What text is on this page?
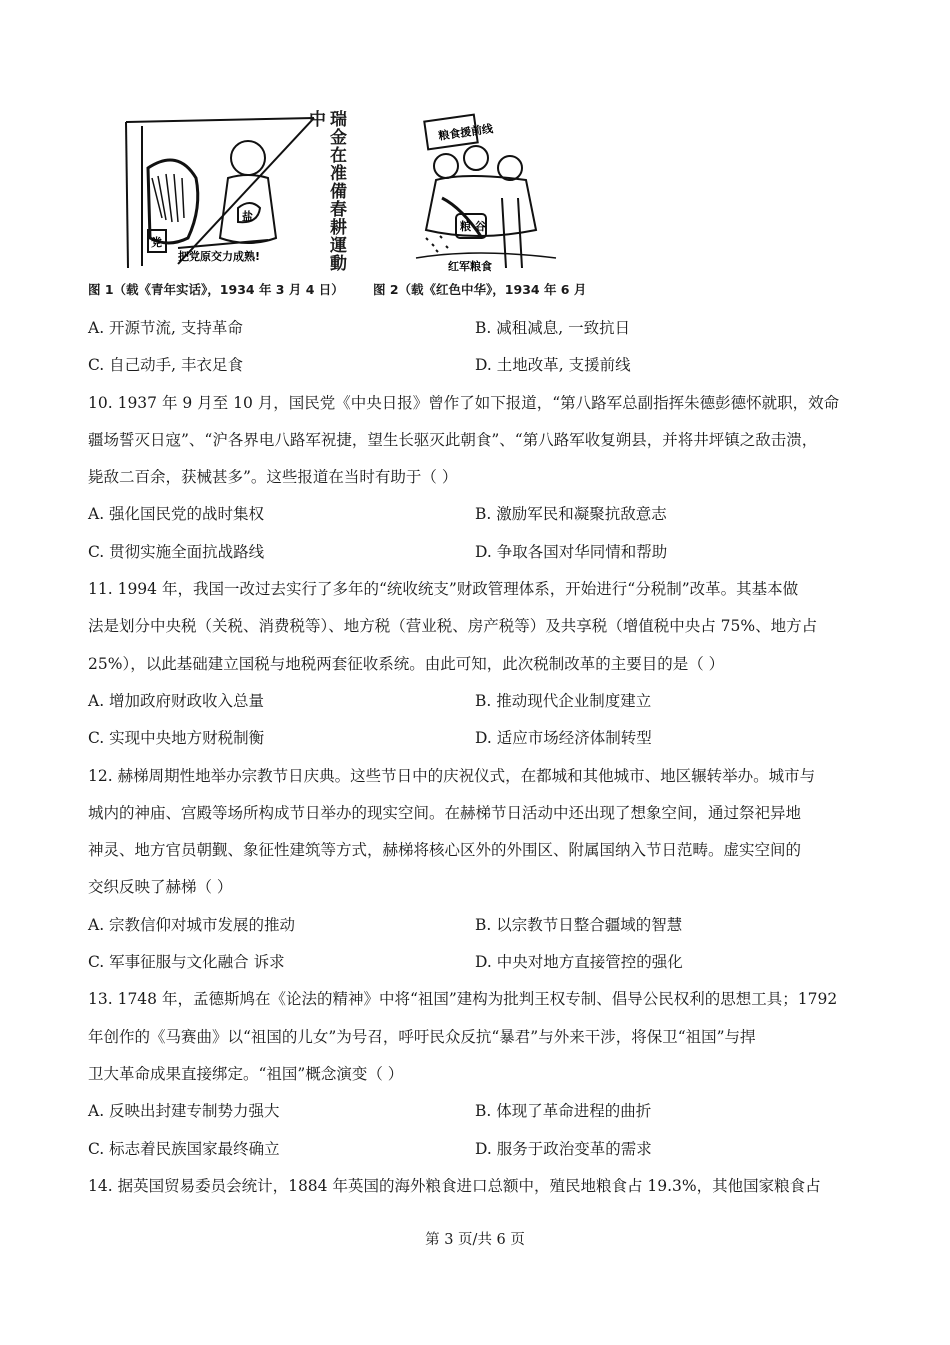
党
盐
把党原交力成熟!	瑞金在准備春耕運動中
粮食援前线
粮 谷
红军粮食
图 1（载《青年实话》，1934 年 3 月 4 日） 图 2（载《红色中华》，1934 年 6 月
A. 开源节流, 支持革命	B. 减租减息, 一致抗日
C. 自己动手, 丰衣足食	D. 土地改革, 支援前线

10. 1937 年 9 月至 10 月，国民党《中央日报》曾作了如下报道，“第八路军总副指挥朱德彭德怀就职，效命
疆场誓灭日寇”、“沪各界电八路军祝捷，望生长驱灭此朝食”、“第八路军收复朔县，并将井坪镇之敌击溃，
毙敌二百余，获械甚多”。这些报道在当时有助于（ ）

A. 强化国民党的战时集权	B. 激励军民和凝聚抗敌意志
C. 贯彻实施全面抗战路线	D. 争取各国对华同情和帮助

11. 1994 年，我国一改过去实行了多年的“统收统支”财政管理体系，开始进行“分税制”改革。其基本做
法是划分中央税（关税、消费税等）、地方税（营业税、房产税等）及共享税（增值税中央占 75%、地方占
25%），以此基础建立国税与地税两套征收系统。由此可知，此次税制改革的主要目的是（ ）

A. 增加政府财政收入总量	B. 推动现代企业制度建立
C. 实现中央地方财税制衡	D. 适应市场经济体制转型

12. 赫梯周期性地举办宗教节日庆典。这些节日中的庆祝仪式，在都城和其他城市、地区辗转举办。城市与
城内的神庙、宫殿等场所构成节日举办的现实空间。在赫梯节日活动中还出现了想象空间，通过祭祀异地
神灵、地方官员朝觐、象征性建筑等方式，赫梯将核心区外的外围区、附属国纳入节日范畴。虚实空间的
交织反映了赫梯（ ）

A. 宗教信仰对城市发展的推动	B. 以宗教节日整合疆域的智慧
C. 军事征服与文化融合 诉求	D. 中央对地方直接管控的强化

13. 1748 年，孟德斯鸠在《论法的精神》中将“祖国”建构为批判王权专制、倡导公民权利的思想工具；1792
年创作的《马赛曲》以“祖国的儿女”为号召，呼吁民众反抗“暴君”与外来干涉，将保卫“祖国”与捍
卫大革命成果直接绑定。“祖国”概念演变（ ）

A. 反映出封建专制势力强大	B. 体现了革命进程的曲折
C. 标志着民族国家最终确立	D. 服务于政治变革的需求

14. 据英国贸易委员会统计，1884 年英国的海外粮食进口总额中，殖民地粮食占 19.3%，其他国家粮食占

第 3 页/共 6 页
